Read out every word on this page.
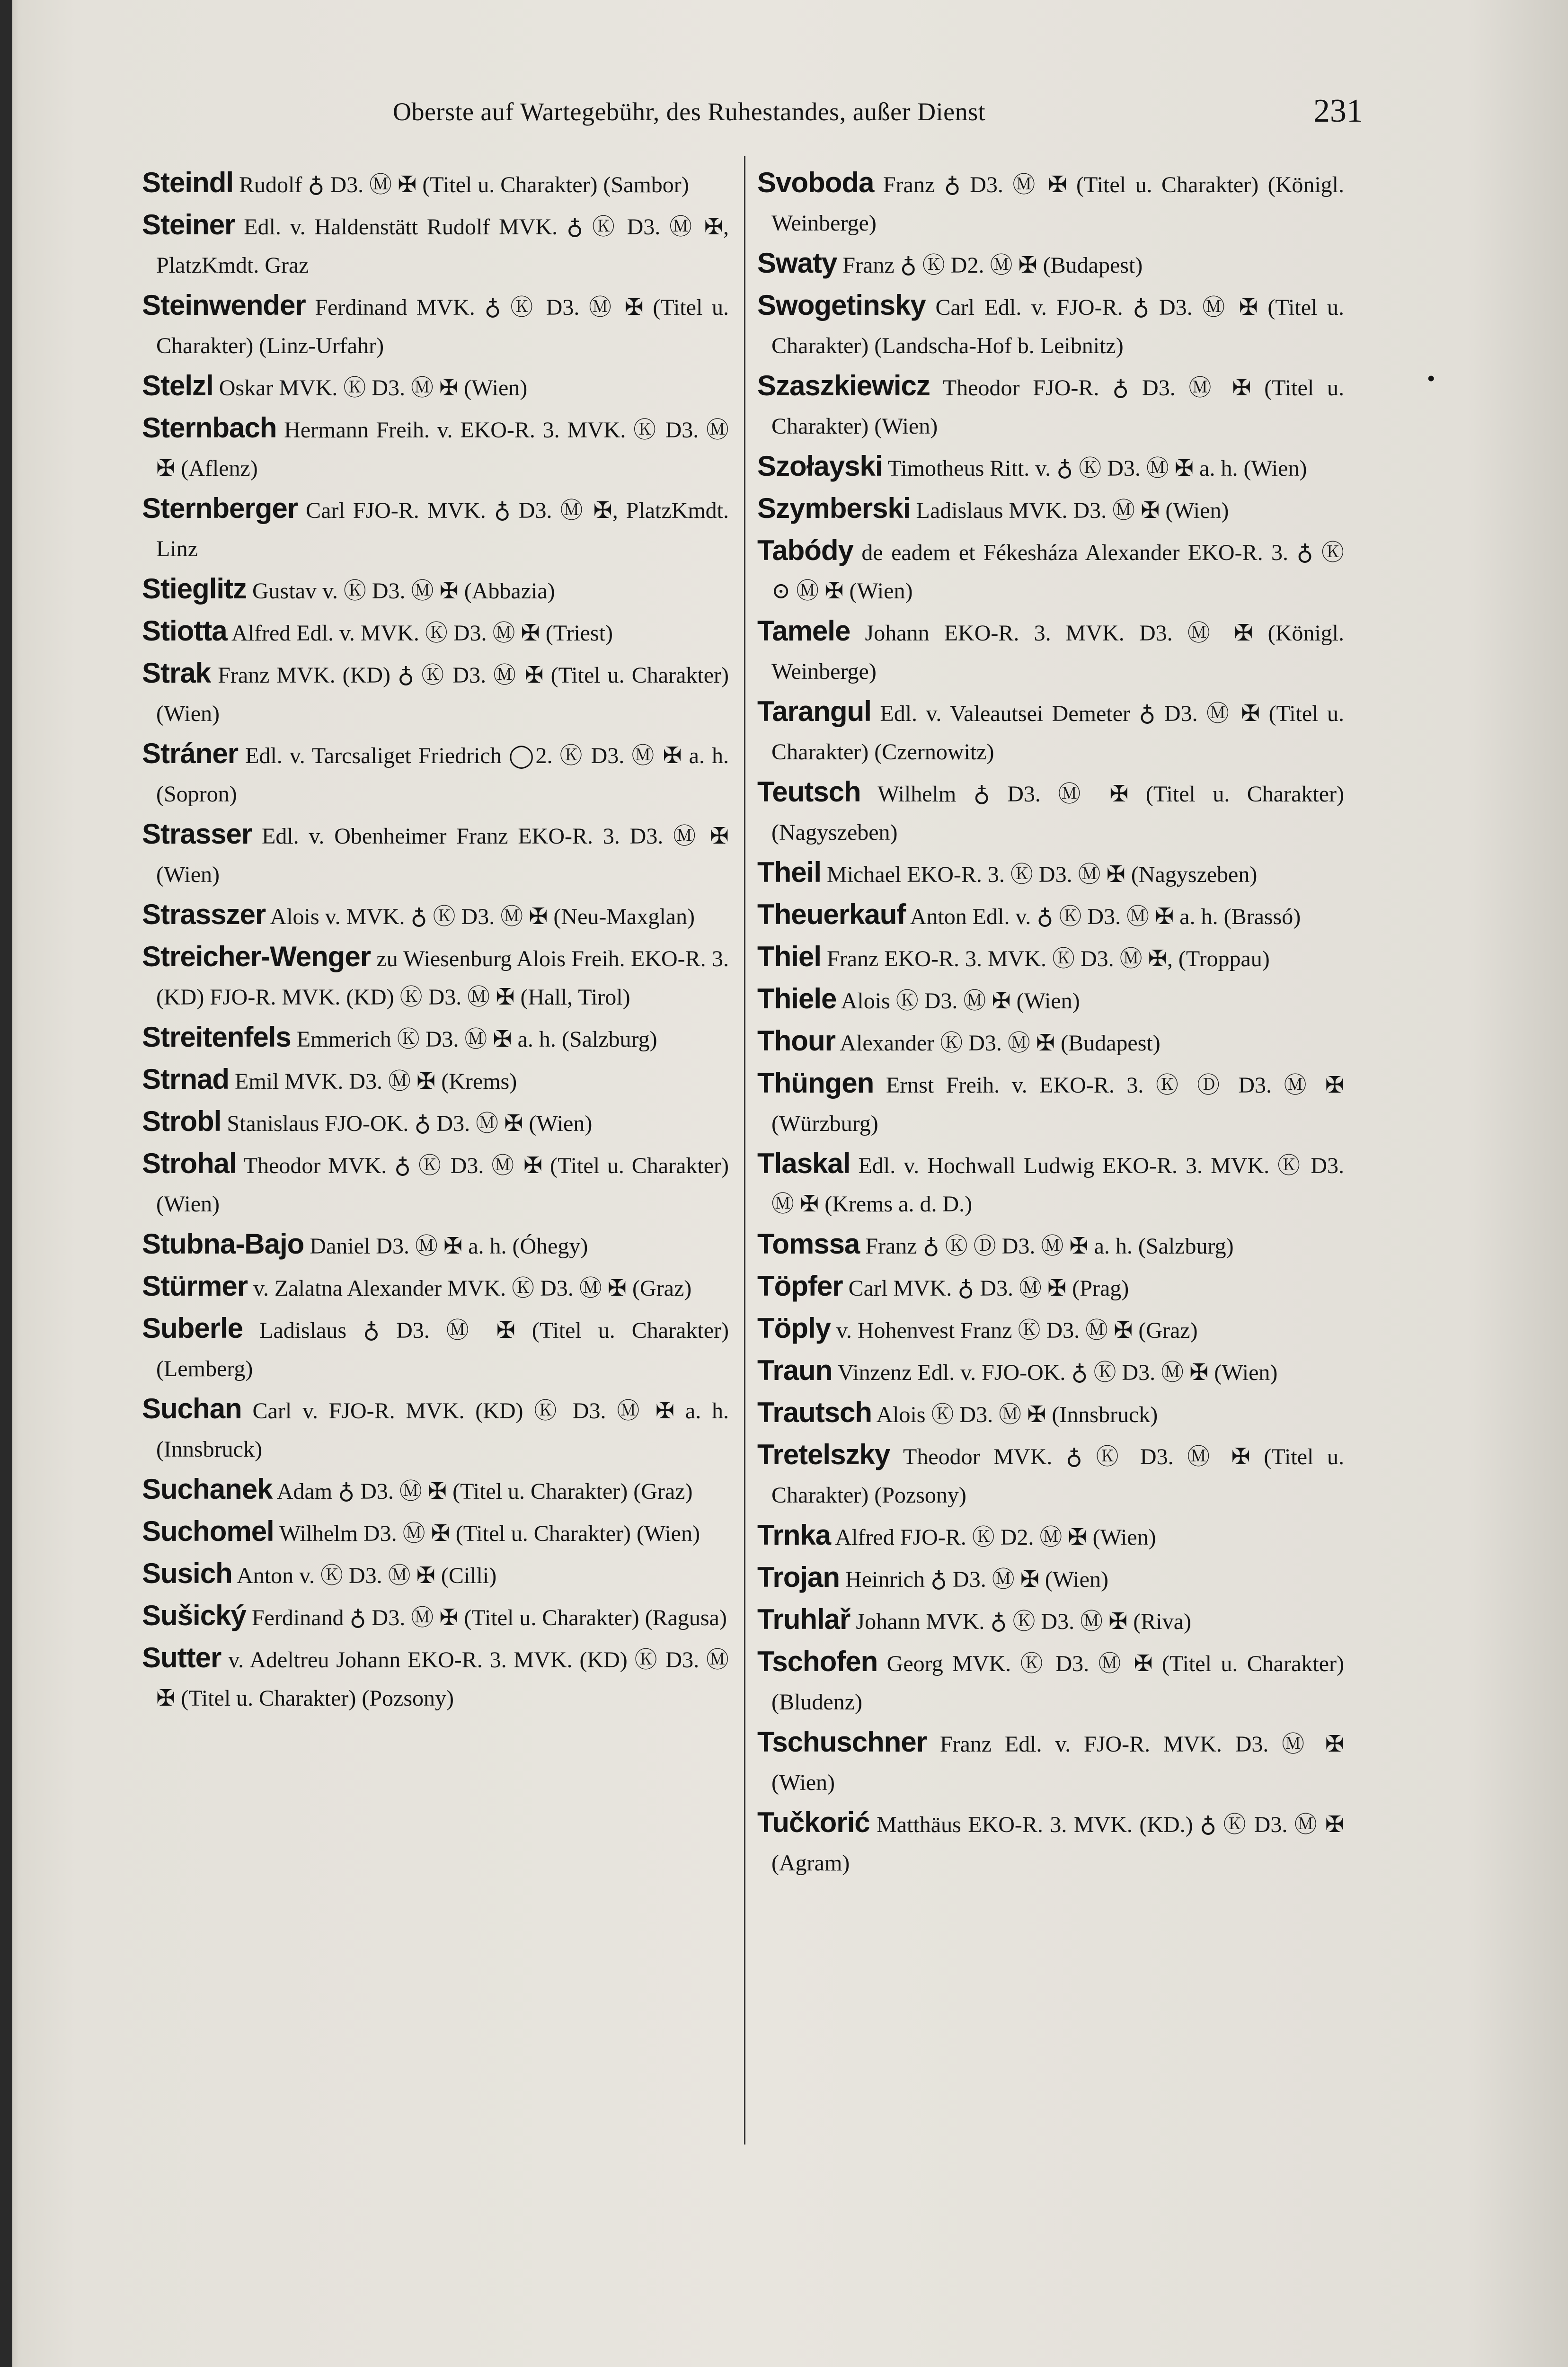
Oberste auf Wartegebühr, des Ruhestandes, außer Dienst	231

Steindl Rudolf ♁ D3. Ⓜ ✠ (Titel u. Charakter) (Sambor)

Steiner Edl. v. Haldenstätt Rudolf MVK. ♁ Ⓚ D3. Ⓜ ✠, PlatzKmdt. Graz

Steinwender Ferdinand MVK. ♁ Ⓚ D3. Ⓜ ✠ (Titel u. Charakter) (Linz-Urfahr)

Stelzl Oskar MVK. Ⓚ D3. Ⓜ ✠ (Wien)

Sternbach Hermann Freih. v. EKO-R. 3. MVK. Ⓚ D3. Ⓜ ✠ (Aflenz)

Sternberger Carl FJO-R. MVK. ♁ D3. Ⓜ ✠, PlatzKmdt. Linz

Stieglitz Gustav v. Ⓚ D3. Ⓜ ✠ (Abbazia)

Stiotta Alfred Edl. v. MVK. Ⓚ D3. Ⓜ ✠ (Triest)

Strak Franz MVK. (KD) ♁ Ⓚ D3. Ⓜ ✠ (Titel u. Charakter) (Wien)

Stráner Edl. v. Tarcsaliget Friedrich ◯2. Ⓚ D3. Ⓜ ✠ a. h. (Sopron)

Strasser Edl. v. Obenheimer Franz EKO-R. 3. D3. Ⓜ ✠ (Wien)

Strasszer Alois v. MVK. ♁ Ⓚ D3. Ⓜ ✠ (Neu-Maxglan)

Streicher-Wenger zu Wiesenburg Alois Freih. EKO-R. 3. (KD) FJO-R. MVK. (KD) Ⓚ D3. Ⓜ ✠ (Hall, Tirol)

Streitenfels Emmerich Ⓚ D3. Ⓜ ✠ a. h. (Salzburg)

Strnad Emil MVK. D3. Ⓜ ✠ (Krems)

Strobl Stanislaus FJO-OK. ♁ D3. Ⓜ ✠ (Wien)

Strohal Theodor MVK. ♁ Ⓚ D3. Ⓜ ✠ (Titel u. Charakter) (Wien)

Stubna-Bajo Daniel D3. Ⓜ ✠ a. h. (Óhegy)

Stürmer v. Zalatna Alexander MVK. Ⓚ D3. Ⓜ ✠ (Graz)

Suberle Ladislaus ♁ D3. Ⓜ ✠ (Titel u. Charakter) (Lemberg)

Suchan Carl v. FJO-R. MVK. (KD) Ⓚ D3. Ⓜ ✠ a. h. (Innsbruck)

Suchanek Adam ♁ D3. Ⓜ ✠ (Titel u. Charakter) (Graz)

Suchomel Wilhelm D3. Ⓜ ✠ (Titel u. Charakter) (Wien)

Susich Anton v. Ⓚ D3. Ⓜ ✠ (Cilli)

Sušický Ferdinand ♁ D3. Ⓜ ✠ (Titel u. Charakter) (Ragusa)

Sutter v. Adeltreu Johann EKO-R. 3. MVK. (KD) Ⓚ D3. Ⓜ ✠ (Titel u. Charakter) (Pozsony)

Svoboda Franz ♁ D3. Ⓜ ✠ (Titel u. Charakter) (Königl. Weinberge)

Swaty Franz ♁ Ⓚ D2. Ⓜ ✠ (Budapest)

Swogetinsky Carl Edl. v. FJO-R. ♁ D3. Ⓜ ✠ (Titel u. Charakter) (Landscha-Hof b. Leibnitz)

Szaszkiewicz Theodor FJO-R. ♁ D3. Ⓜ ✠ (Titel u. Charakter) (Wien)

Szołayski Timotheus Ritt. v. ♁ Ⓚ D3. Ⓜ ✠ a. h. (Wien)

Szymberski Ladislaus MVK. D3. Ⓜ ✠ (Wien)

Tabódy de eadem et Fékesháza Alexander EKO-R. 3. ♁ Ⓚ ⊙ Ⓜ ✠ (Wien)

Tamele Johann EKO-R. 3. MVK. D3. Ⓜ ✠ (Königl. Weinberge)

Tarangul Edl. v. Valeautsei Demeter ♁ D3. Ⓜ ✠ (Titel u. Charakter) (Czernowitz)

Teutsch Wilhelm ♁ D3. Ⓜ ✠ (Titel u. Charakter) (Nagyszeben)

Theil Michael EKO-R. 3. Ⓚ D3. Ⓜ ✠ (Nagyszeben)

Theuerkauf Anton Edl. v. ♁ Ⓚ D3. Ⓜ ✠ a. h. (Brassó)

Thiel Franz EKO-R. 3. MVK. Ⓚ D3. Ⓜ ✠, (Troppau)

Thiele Alois Ⓚ D3. Ⓜ ✠ (Wien)

Thour Alexander Ⓚ D3. Ⓜ ✠ (Budapest)

Thüngen Ernst Freih. v. EKO-R. 3. Ⓚ Ⓓ D3. Ⓜ ✠ (Würzburg)

Tlaskal Edl. v. Hochwall Ludwig EKO-R. 3. MVK. Ⓚ D3. Ⓜ ✠ (Krems a. d. D.)

Tomssa Franz ♁ Ⓚ Ⓓ D3. Ⓜ ✠ a. h. (Salzburg)

Töpfer Carl MVK. ♁ D3. Ⓜ ✠ (Prag)

Töply v. Hohenvest Franz Ⓚ D3. Ⓜ ✠ (Graz)

Traun Vinzenz Edl. v. FJO-OK. ♁ Ⓚ D3. Ⓜ ✠ (Wien)

Trautsch Alois Ⓚ D3. Ⓜ ✠ (Innsbruck)

Tretelszky Theodor MVK. ♁ Ⓚ D3. Ⓜ ✠ (Titel u. Charakter) (Pozsony)

Trnka Alfred FJO-R. Ⓚ D2. Ⓜ ✠ (Wien)

Trojan Heinrich ♁ D3. Ⓜ ✠ (Wien)

Truhlař Johann MVK. ♁ Ⓚ D3. Ⓜ ✠ (Riva)

Tschofen Georg MVK. Ⓚ D3. Ⓜ ✠ (Titel u. Charakter) (Bludenz)

Tschuschner Franz Edl. v. FJO-R. MVK. D3. Ⓜ ✠ (Wien)

Tučkorić Matthäus EKO-R. 3. MVK. (KD.) ♁ Ⓚ D3. Ⓜ ✠ (Agram)

•
